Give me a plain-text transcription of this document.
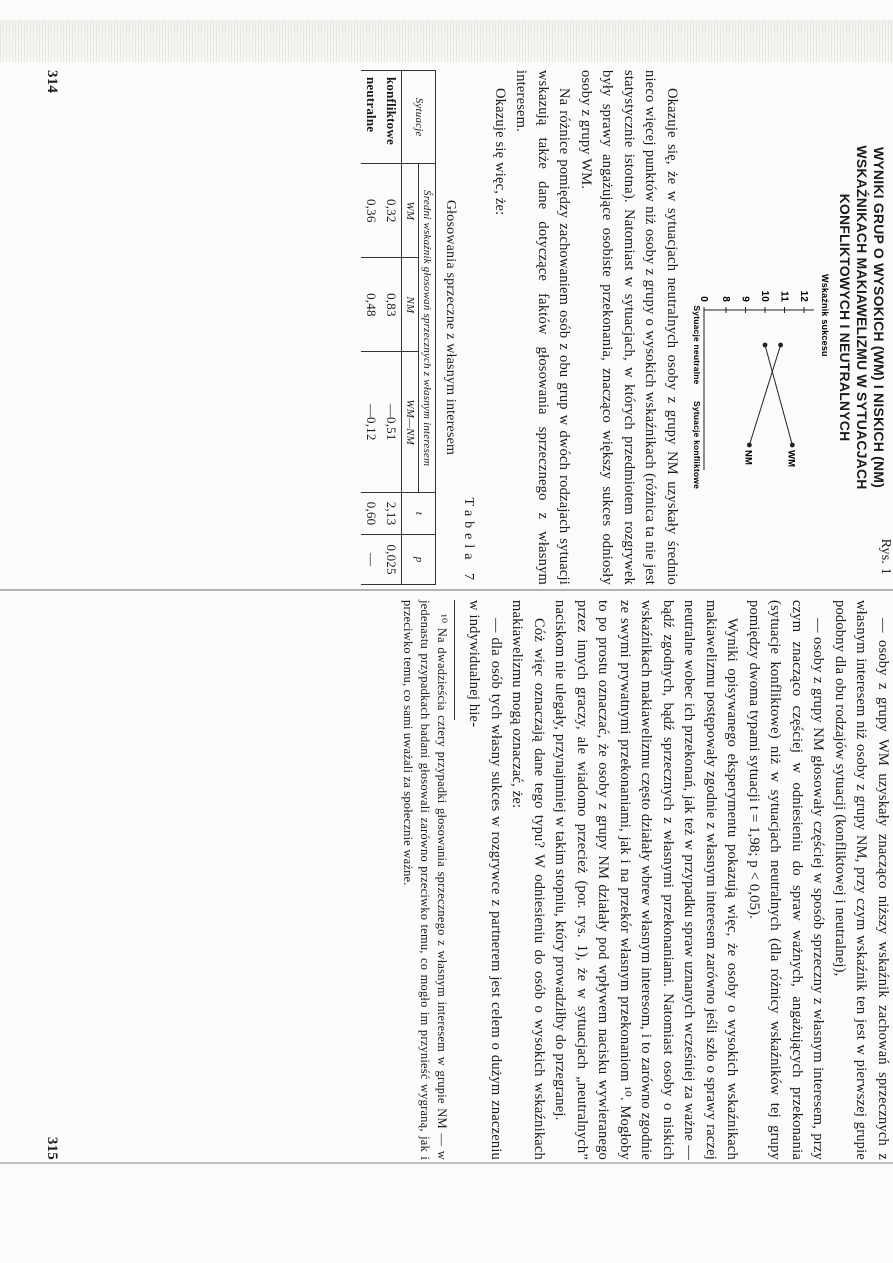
Rys. 1
WYNIKI GRUP O WYSOKICH (WM) I NISKICH (NM) WSKAŹNIKACH MAKIAWELIZMU W SYTUACJACH KONFLIKTOWYCH I NEUTRALNYCH
Wskaźnik sukcesu
0 8 9 10 11 12
Sytuacje neutralne
Sytuacje konfliktowe	WM
NM

Okazuje się, że w sytuacjach neutralnych osoby z grupy NM uzyskały średnio nieco więcej punktów niż osoby z grupy o wysokich wskaźnikach (różnica ta nie jest statystycznie istotna). Natomiast w sytuacjach, w których przedmiotem rozgrywek były sprawy angażujące osobiste przekonania, znacząco większy sukces odniosły osoby z grupy WM.

Na różnice pomiędzy zachowaniem osób z obu grup w dwóch rodzajach sytuacji wskazują także dane dotyczące faktów głosowania sprzecznego z własnym interesem.

Okazuje się więc, że:

Tabela 7
Głosowania sprzeczne z własnym interesem
Sytuacje	Średni wskaźnik głosowań sprzecznych z własnym interesem			t	p
	WM	NM	WM—NM		
konfliktowe	0,32	0,83	—0,51	2,13	0,025
neutralne	0,36	0,48	—0,12	0,60	—
314

— osoby z grupy WM uzyskały znacząco niższy wskaźnik zachowań sprzecznych z własnym interesem niż osoby z grupy NM, przy czym wskaźnik ten jest w pierwszej grupie podobny dla obu rodzajów sytuacji (konfliktowej i neutralnej),

— osoby z grupy NM głosowały częściej w sposób sprzeczny z własnym interesem, przy czym znacząco częściej w odniesieniu do spraw ważnych, angażujących przekonania (sytuacje konfliktowe) niż w sytuacjach neutralnych (dla różnicy wskaźników tej grupy pomiędzy dwoma typami sytuacji t = 1,98; p < 0,05).

Wyniki opisywanego eksperymentu pokazują więc, że osoby o wysokich wskaźnikach makiawelizmu postępowały zgodnie z własnym interesem zarówno jeśli szło o sprawy raczej neutralne wobec ich przekonań, jak też w przypadku spraw uznanych wcześniej za ważne — bądź zgodnych, bądź sprzecznych z własnymi przekonaniami. Natomiast osoby o niskich wskaźnikach makiawelizmu często działały wbrew własnym interesom, i to zarówno zgodnie ze swymi prywatnymi przekonaniami, jak i na przekór własnym przekonaniom ¹⁰. Mogłoby to po prostu oznaczać, że osoby z grupy NM działały pod wpływem nacisku wywieranego przez innych graczy, ale wiadomo przecież (por. rys. 1), że w sytuacjach „neutralnych” naciskom nie ulegały, przynajmniej w takim stopniu, który prowadziłby do przegranej.

Cóż więc oznaczają dane tego typu? W odniesieniu do osób o wysokich wskaźnikach makiawelizmu mogą oznaczać, że:

— dla osób tych własny sukces w rozgrywce z partnerem jest celem o dużym znaczeniu w indywidualnej hie-

¹⁰ Na dwadzieścia cztery przypadki głosowania sprzecznego z własnym interesem w grupie NM — w jedenastu przypadkach badani głosowali zarówno przeciwko temu, co mogło im przynieść wygraną, jak i przeciwko temu, co sami uważali za społecznie ważne.
315
